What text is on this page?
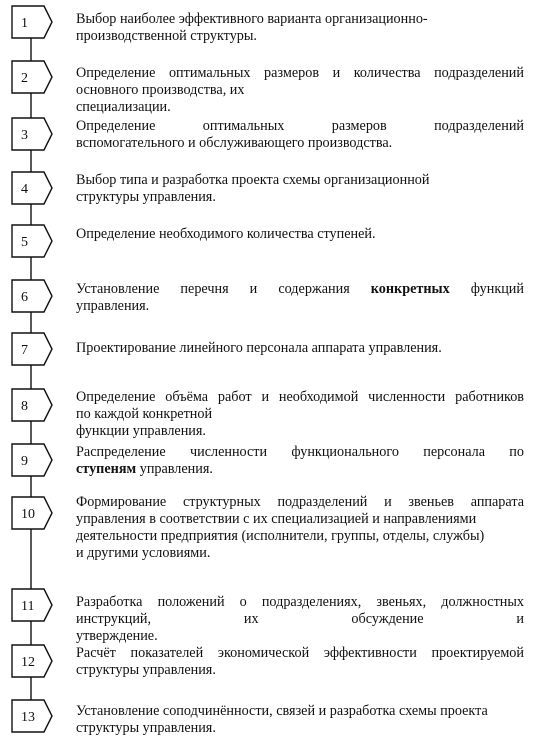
1
2
3
4
5
6
7
8
9
10
11
12
13
Выбор наиболее эффективного варианта организационно-
производственной структуры.
Определение оптимальных размеров и количества подразделений
основного производства, их
специализации.
Определение оптимальных размеров подразделений
вспомогательного и обслуживающего производства.
Выбор типа и разработка проекта схемы организационной
структуры управления.
Определение необходимого количества ступеней.
Установление перечня и содержания конкретных функций
управления.
Проектирование линейного персонала аппарата управления.
Определение объёма работ и необходимой численности работников
по каждой конкретной
функции управления.
Распределение численности функционального персонала по
ступеням управления.
Формирование структурных подразделений и звеньев аппарата
управления в соответствии с их специализацией и направлениями
деятельности предприятия (исполнители, группы, отделы, службы)
и другими условиями.
Разработка положений о подразделениях, звеньях, должностных
инструкций, их обсуждение и
утверждение.
Расчёт показателей экономической эффективности проектируемой
структуры управления.
Установление соподчинённости, связей и разработка схемы проекта
структуры управления.
